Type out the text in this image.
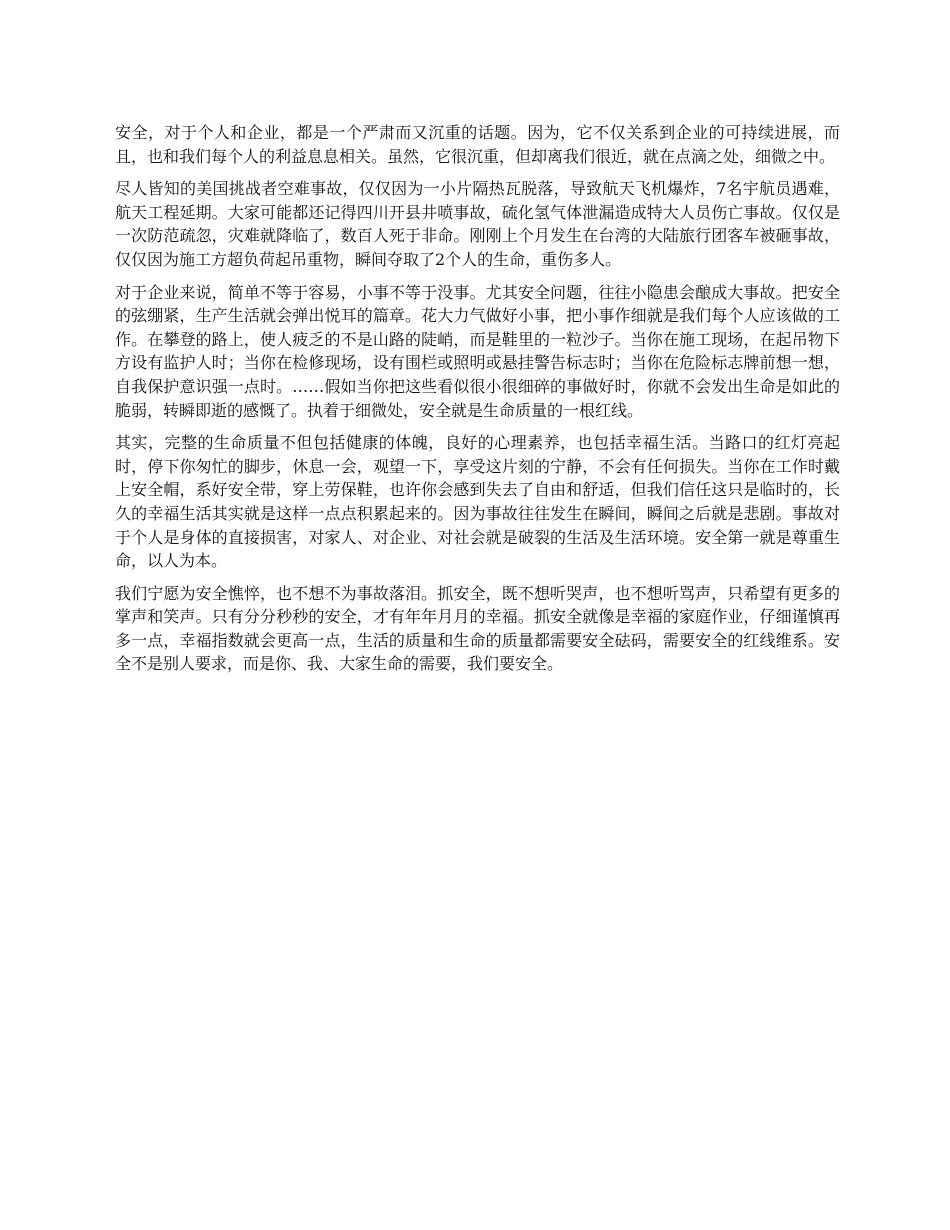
安全，对于个人和企业，都是一个严肃而又沉重的话题。因为，它不仅关系到企业的可持续进展，而且，也和我们每个人的利益息息相关。虽然，它很沉重，但却离我们很近，就在点滴之处，细微之中。

尽人皆知的美国挑战者空难事故，仅仅因为一小片隔热瓦脱落，导致航天飞机爆炸，7名宇航员遇难，航天工程延期。大家可能都还记得四川开县井喷事故，硫化氢气体泄漏造成特大人员伤亡事故。仅仅是一次防范疏忽，灾难就降临了，数百人死于非命。刚刚上个月发生在台湾的大陆旅行团客车被砸事故，仅仅因为施工方超负荷起吊重物，瞬间夺取了2个人的生命，重伤多人。

对于企业来说，简单不等于容易，小事不等于没事。尤其安全问题，往往小隐患会酿成大事故。把安全的弦绷紧，生产生活就会弹出悦耳的篇章。花大力气做好小事，把小事作细就是我们每个人应该做的工作。在攀登的路上，使人疲乏的不是山路的陡峭，而是鞋里的一粒沙子。当你在施工现场，在起吊物下方设有监护人时；当你在检修现场，设有围栏或照明或悬挂警告标志时；当你在危险标志牌前想一想，自我保护意识强一点时。……假如当你把这些看似很小很细碎的事做好时，你就不会发出生命是如此的脆弱，转瞬即逝的感慨了。执着于细微处，安全就是生命质量的一根红线。

其实，完整的生命质量不但包括健康的体魄，良好的心理素养，也包括幸福生活。当路口的红灯亮起时，停下你匆忙的脚步，休息一会，观望一下，享受这片刻的宁静，不会有任何损失。当你在工作时戴上安全帽，系好安全带，穿上劳保鞋，也许你会感到失去了自由和舒适，但我们信任这只是临时的，长久的幸福生活其实就是这样一点点积累起来的。因为事故往往发生在瞬间，瞬间之后就是悲剧。事故对于个人是身体的直接损害，对家人、对企业、对社会就是破裂的生活及生活环境。安全第一就是尊重生命，以人为本。

我们宁愿为安全憔悴，也不想不为事故落泪。抓安全，既不想听哭声，也不想听骂声，只希望有更多的掌声和笑声。只有分分秒秒的安全，才有年年月月的幸福。抓安全就像是幸福的家庭作业，仔细谨慎再多一点，幸福指数就会更高一点，生活的质量和生命的质量都需要安全砝码，需要安全的红线维系。安全不是别人要求，而是你、我、大家生命的需要，我们要安全。
